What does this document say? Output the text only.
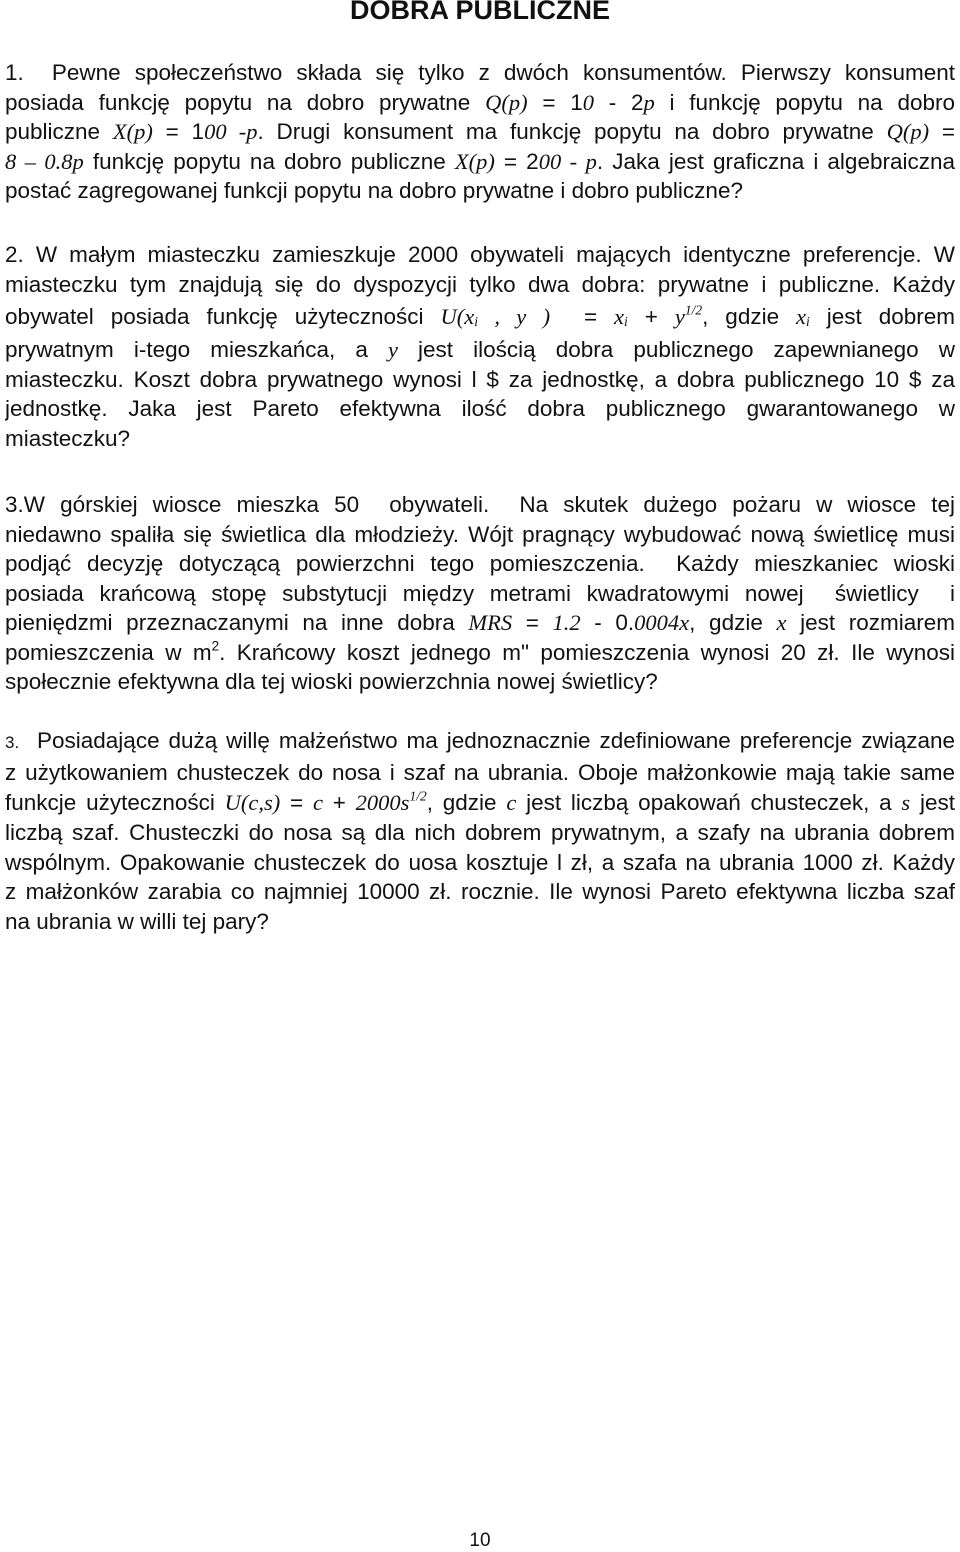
DOBRA PUBLICZNE
1.  Pewne społeczeństwo składa się tylko z dwóch konsumentów. Pierwszy konsument
posiada funkcję popytu na dobro prywatne Q(p) = 10 - 2p i funkcję popytu na dobro
publiczne X(p) = 100 -p. Drugi konsument ma funkcję popytu na dobro prywatne Q(p) =
8 – 0.8p funkcję popytu na dobro publiczne X(p) = 200 - p. Jaka jest graficzna i algebraiczna
postać zagregowanej funkcji popytu na dobro prywatne i dobro publiczne?
2. W małym miasteczku zamieszkuje 2000 obywateli mających identyczne preferencje. W
miasteczku tym znajdują się do dyspozycji tylko dwa dobra: prywatne i publiczne. Każdy
obywatel posiada funkcję użyteczności $U(x_i$ , y )  = $x_i + y^{1/2}$, gdzie $x_i$ jest dobrem
prywatnym i-tego mieszkańca, a y jest ilością dobra publicznego zapewnianego w
miasteczku. Koszt dobra prywatnego wynosi l $ za jednostkę, a dobra publicznego 10 $ za
jednostkę. Jaka jest Pareto efektywna ilość dobra publicznego gwarantowanego w
miasteczku?
3.W górskiej wiosce mieszka 50  obywateli.  Na skutek dużego pożaru w wiosce tej
niedawno spaliła się świetlica dla młodzieży. Wójt pragnący wybudować nową świetlicę musi
podjąć decyzję dotyczącą powierzchni tego pomieszczenia.  Każdy mieszkaniec wioski
posiada krańcową stopę substytucji między metrami kwadratowymi nowej  świetlicy  i
pieniędzmi przeznaczanymi na inne dobra MRS = 1.2 - 0.0004x, gdzie x jest rozmiarem
pomieszczenia w $m^2$. Krańcowy koszt jednego m" pomieszczenia wynosi 20 zł. Ile wynosi
społecznie efektywna dla tej wioski powierzchnia nowej świetlicy?
3.  Posiadające dużą willę małżeństwo ma jednoznacznie zdefiniowane preferencje związane
z użytkowaniem chusteczek do nosa i szaf na ubrania. Oboje małżonkowie mają takie same
funkcje użyteczności $U(c,s) = c + 2000s^{1/2}$, gdzie c jest liczbą opakowań chusteczek, a s jest
liczbą szaf. Chusteczki do nosa są dla nich dobrem prywatnym, a szafy na ubrania dobrem
wspólnym. Opakowanie chusteczek do uosa kosztuje l zł, a szafa na ubrania 1000 zł. Każdy
z małżonków zarabia co najmniej 10000 zł. rocznie. Ile wynosi Pareto efektywna liczba szaf
na ubrania w willi tej pary?
10
